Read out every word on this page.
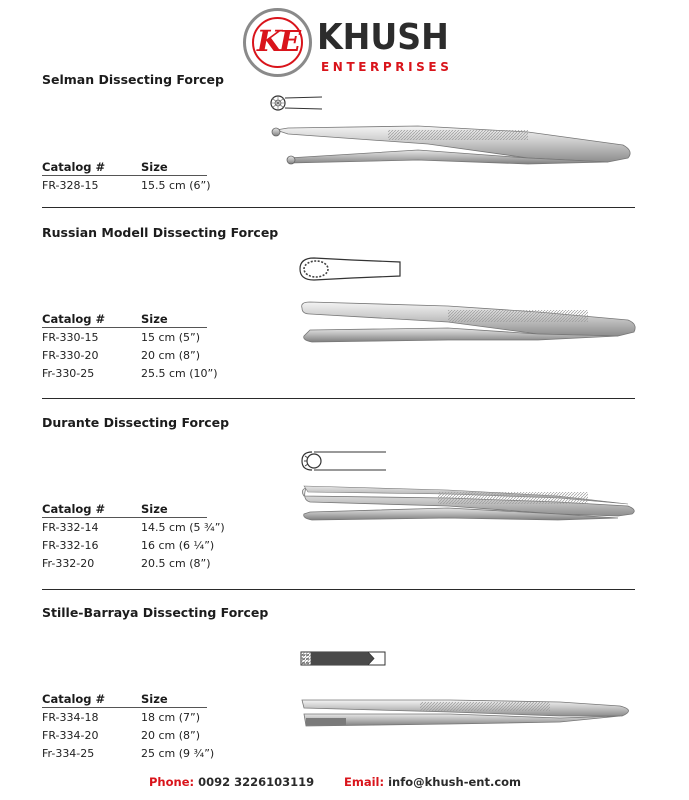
KE KHUSH
ENTERPRISES
Selman Dissecting Forcep
Catalog #	Size
FR-328-15	15.5 cm (6”)
Russian Modell Dissecting Forcep
Catalog #	Size
FR-330-15	15 cm (5”)
FR-330-20	20 cm (8”)
Fr-330-25	25.5 cm (10”)
Durante Dissecting Forcep
Catalog #	Size
FR-332-14	14.5 cm (5 ¾”)
FR-332-16	16 cm (6 ¼”)
Fr-332-20	20.5 cm (8”)
Stille-Barraya Dissecting Forcep
Catalog #	Size
FR-334-18	18 cm (7”)
FR-334-20	20 cm (8”)
Fr-334-25	25 cm (9 ¾”)
Phone: 0092 3226103119	Email: info@khush-ent.com
